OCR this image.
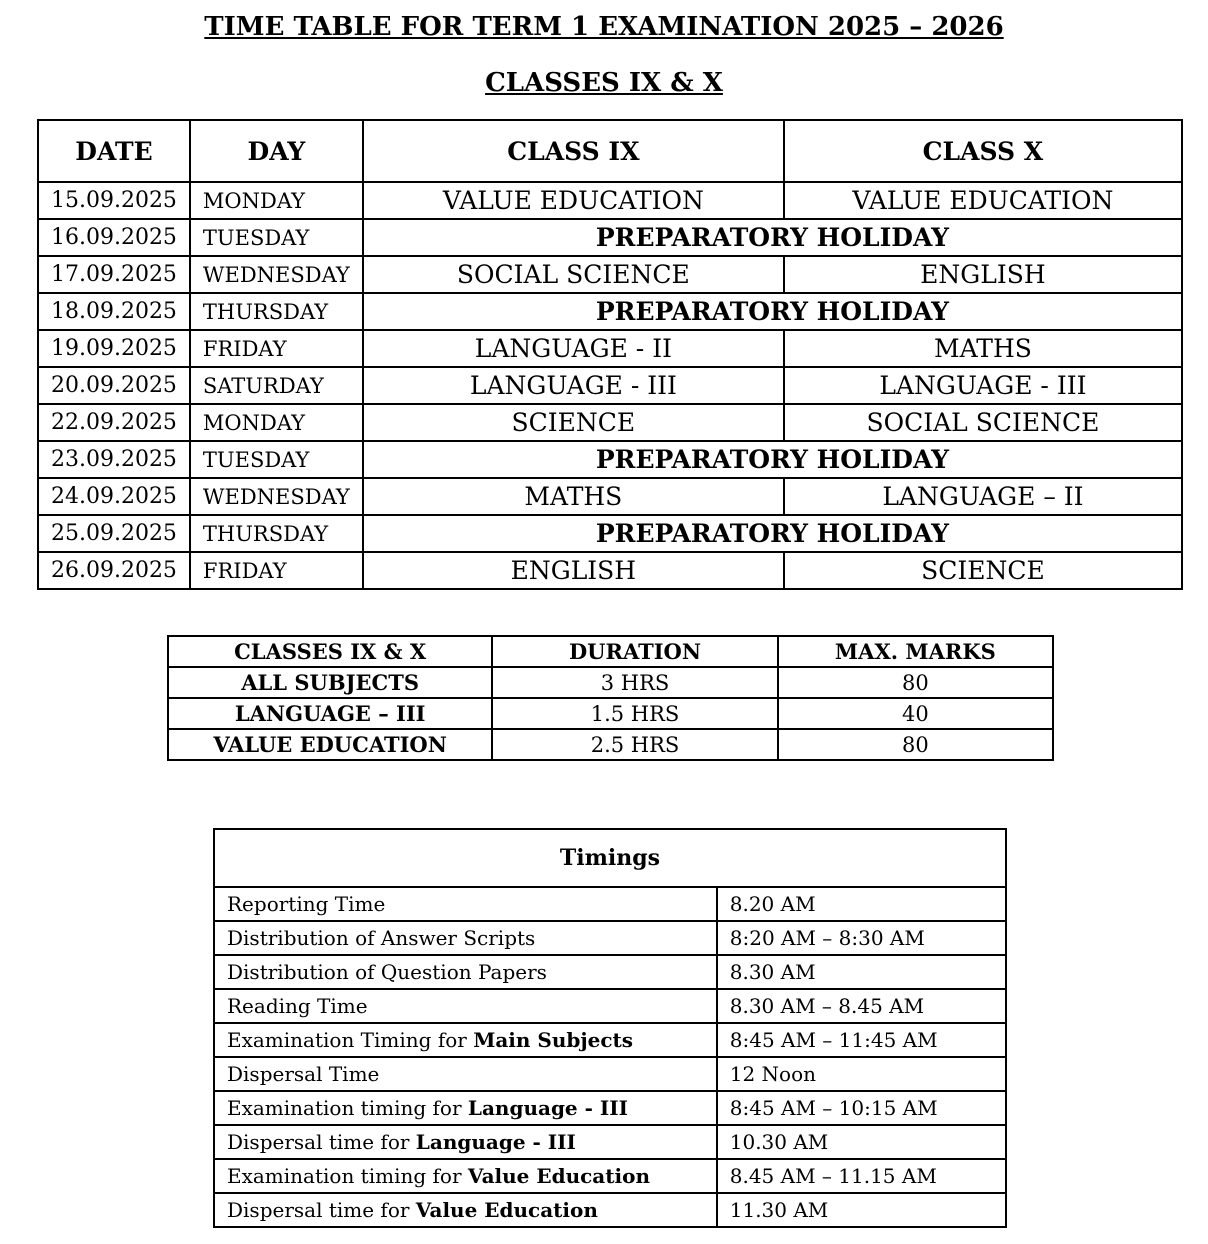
TIME TABLE FOR TERM 1 EXAMINATION 2025 – 2026
CLASSES IX & X
DATE	DAY	CLASS IX	CLASS X
15.09.2025	MONDAY	VALUE EDUCATION	VALUE EDUCATION
16.09.2025	TUESDAY	PREPARATORY HOLIDAY	
17.09.2025	WEDNESDAY	SOCIAL SCIENCE	ENGLISH
18.09.2025	THURSDAY	PREPARATORY HOLIDAY	
19.09.2025	FRIDAY	LANGUAGE - II	MATHS
20.09.2025	SATURDAY	LANGUAGE - III	LANGUAGE - III
22.09.2025	MONDAY	SCIENCE	SOCIAL SCIENCE
23.09.2025	TUESDAY	PREPARATORY HOLIDAY	
24.09.2025	WEDNESDAY	MATHS	LANGUAGE – II
25.09.2025	THURSDAY	PREPARATORY HOLIDAY	
26.09.2025	FRIDAY	ENGLISH	SCIENCE
CLASSES IX & X	DURATION	MAX. MARKS
ALL SUBJECTS	3 HRS	80
LANGUAGE – III	1.5 HRS	40
VALUE EDUCATION	2.5 HRS	80
Timings	
Reporting Time	8.20 AM
Distribution of Answer Scripts	8:20 AM – 8:30 AM
Distribution of Question Papers	8.30 AM
Reading Time	8.30 AM – 8.45 AM
Examination Timing for Main Subjects	8:45 AM – 11:45 AM
Dispersal Time	12 Noon
Examination timing for Language - III	8:45 AM – 10:15 AM
Dispersal time for Language - III	10.30 AM
Examination timing for Value Education	8.45 AM – 11.15 AM
Dispersal time for Value Education	11.30 AM
